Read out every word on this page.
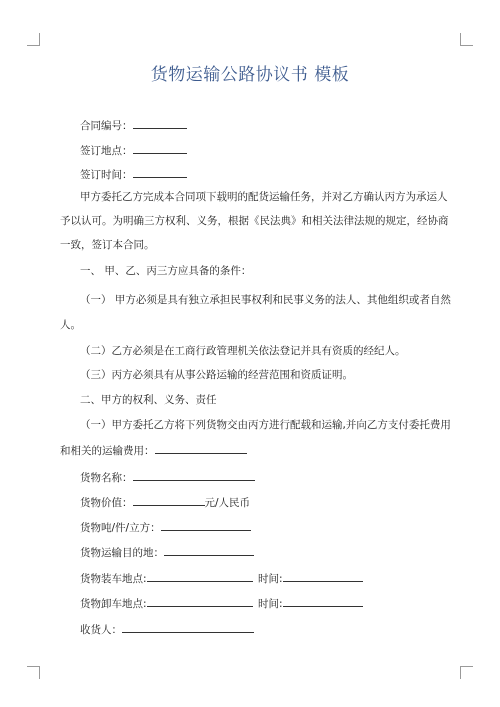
货物运输公路协议书 模板
合同编号：
签订地点：
签订时间：
甲方委托乙方完成本合同项下载明的配货运输任务，并对乙方确认丙方为承运人
予以认可。为明确三方权利、义务，根据《民法典》和相关法律法规的规定，经协商
一致，签订本合同。
一、 甲、乙、丙三方应具备的条件：
（一） 甲方必须是具有独立承担民事权利和民事义务的法人、其他组织或者自然
人。
（二）乙方必须是在工商行政管理机关依法登记并具有资质的经纪人。
（三）丙方必须具有从事公路运输的经营范围和资质证明。
二、甲方的权利、义务、责任
（一）甲方委托乙方将下列货物交由丙方进行配载和运输,并向乙方支付委托费用
和相关的运输费用：
货物名称：
货物价值：	元/人民币
货物吨/件/立方：
货物运输目的地：
货物装车地点:	时间:
货物卸车地点:	时间:
收货人：
